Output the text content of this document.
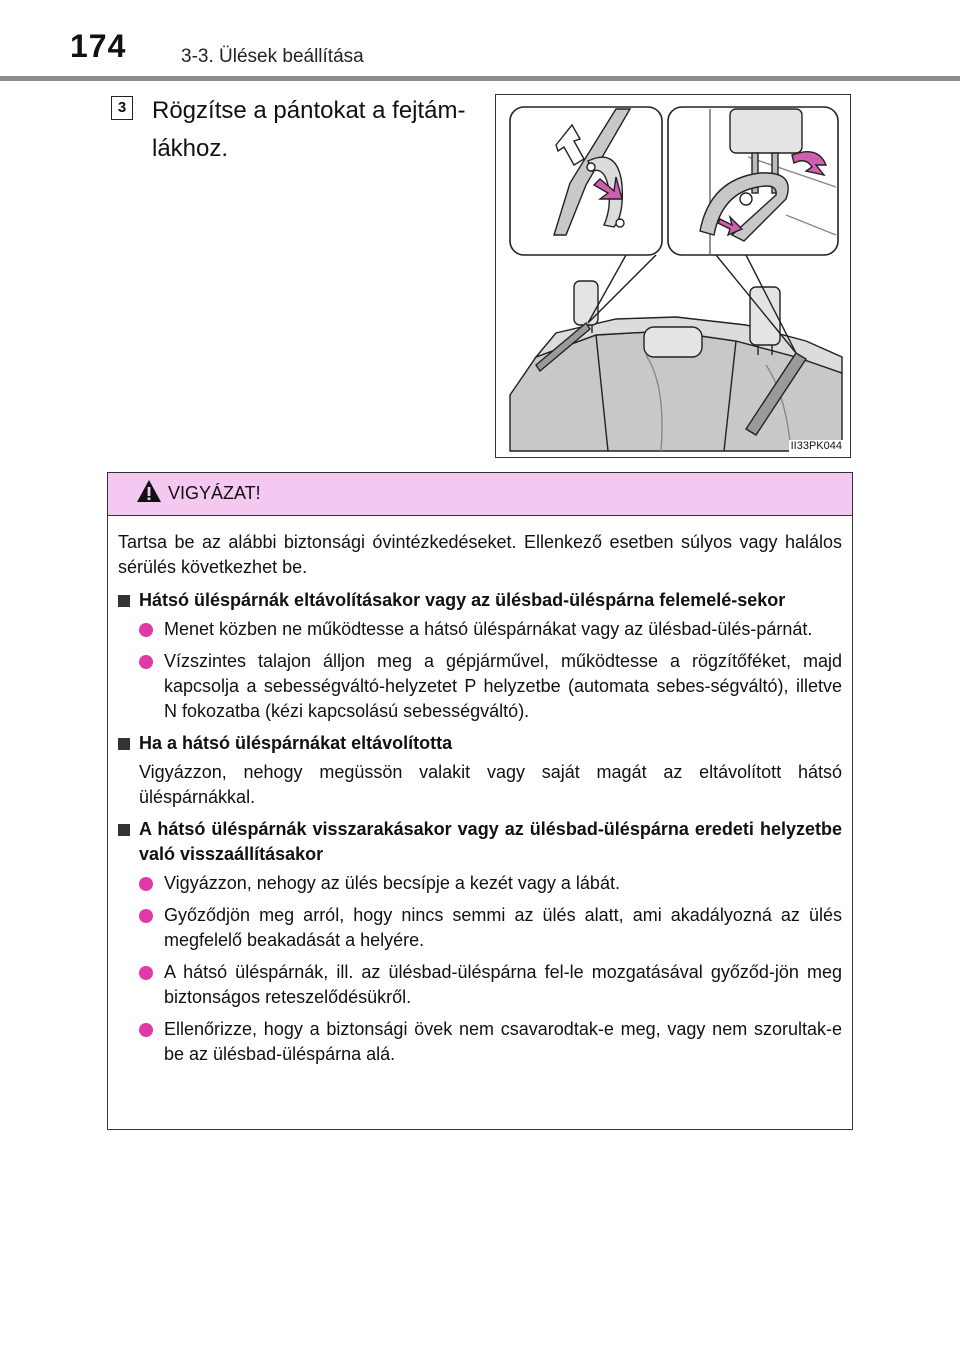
174	3-3. Ülések beállítása
3 Rögzítse a pántokat a fejtám-lákhoz.
II33PK044
VIGYÁZAT!

Tartsa be az alábbi biztonsági óvintézkedéseket. Ellenkező esetben súlyos vagy halálos sérülés következhet be.

Hátsó üléspárnák eltávolításakor vagy az ülésbad-üléspárna felemelé-sekor
Menet közben ne működtesse a hátsó üléspárnákat vagy az ülésbad-ülés-párnát.
Vízszintes talajon álljon meg a gépjárművel, működtesse a rögzítőféket, majd kapcsolja a sebességváltó-helyzetet P helyzetbe (automata sebes-ségváltó), illetve N fokozatba (kézi kapcsolású sebességváltó).
Ha a hátsó üléspárnákat eltávolította

Vigyázzon, nehogy megüssön valakit vagy saját magát az eltávolított hátsó üléspárnákkal.

A hátsó üléspárnák visszarakásakor vagy az ülésbad-üléspárna eredeti helyzetbe való visszaállításakor
Vigyázzon, nehogy az ülés becsípje a kezét vagy a lábát.
Győződjön meg arról, hogy nincs semmi az ülés alatt, ami akadályozná az ülés megfelelő beakadását a helyére.
A hátsó üléspárnák, ill. az ülésbad-üléspárna fel-le mozgatásával győződ-jön meg biztonságos reteszelődésükről.
Ellenőrizze, hogy a biztonsági övek nem csavarodtak-e meg, vagy nem szorultak-e be az ülésbad-üléspárna alá.
